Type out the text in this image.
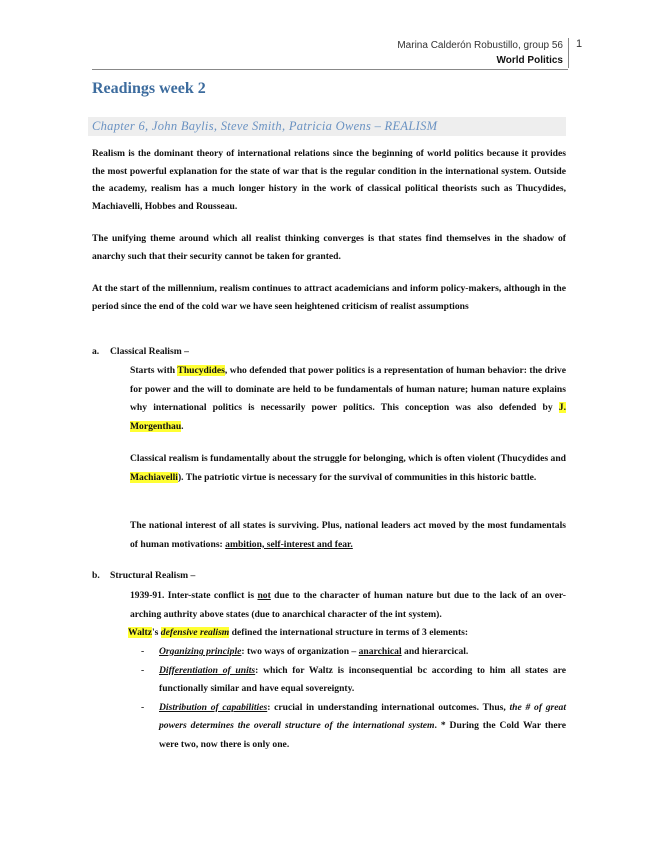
Marina Calderón Robustillo, group 56
World Politics
1
Readings week 2
Chapter 6, John Baylis, Steve Smith, Patricia Owens – REALISM
Realism is the dominant theory of international relations since the beginning of world politics because it provides the most powerful explanation for the state of war that is the regular condition in the international system. Outside the academy, realism has a much longer history in the work of classical political theorists such as Thucydides, Machiavelli, Hobbes and Rousseau.
The unifying theme around which all realist thinking converges is that states find themselves in the shadow of anarchy such that their security cannot be taken for granted.
At the start of the millennium, realism continues to attract academicians and inform policy-makers, although in the period since the end of the cold war we have seen heightened criticism of realist assumptions
a. Classical Realism –
Starts with Thucydides, who defended that power politics is a representation of human behavior: the drive for power and the will to dominate are held to be fundamentals of human nature; human nature explains why international politics is necessarily power politics. This conception was also defended by J. Morgenthau.
Classical realism is fundamentally about the struggle for belonging, which is often violent (Thucydides and Machiavelli). The patriotic virtue is necessary for the survival of communities in this historic battle.
The national interest of all states is surviving. Plus, national leaders act moved by the most fundamentals of human motivations: ambition, self-interest and fear.
b. Structural Realism –
1939-91. Inter-state conflict is not due to the character of human nature but due to the lack of an over-arching authrity above states (due to anarchical character of the int system).
Waltz's defensive realism defined the international structure in terms of 3 elements:
-	Organizing principle: two ways of organization – anarchical and hierarcical.
-	Differentiation of units: which for Waltz is inconsequential bc according to him all states are functionally similar and have equal sovereignty.
-	Distribution of capabilities: crucial in understanding international outcomes. Thus, the # of great powers determines the overall structure of the international system. * During the Cold War there were two, now there is only one.
